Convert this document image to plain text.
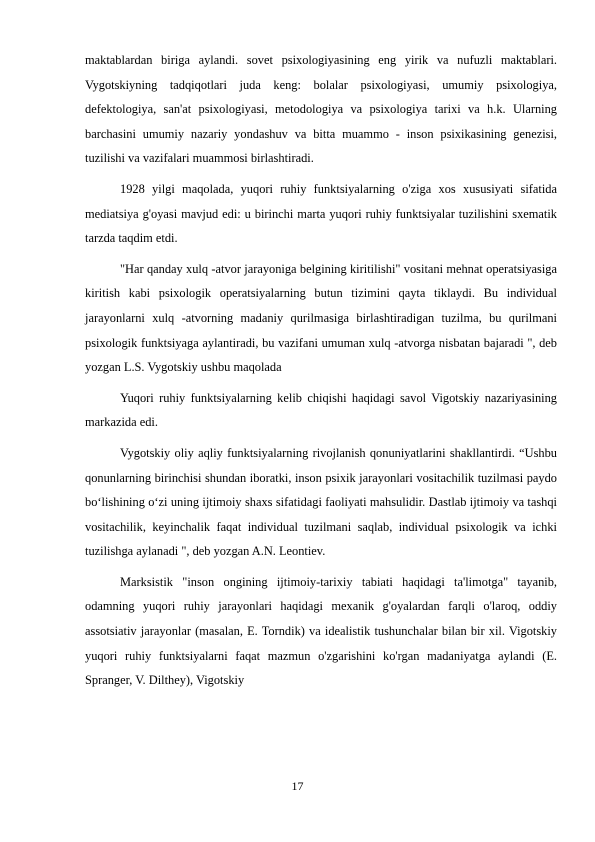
maktablardan biriga aylandi. sovet psixologiyasining eng yirik va nufuzli maktablari. Vygotskiyning tadqiqotlari juda keng: bolalar psixologiyasi, umumiy psixologiya, defektologiya, san'at psixologiyasi, metodologiya va psixologiya tarixi va h.k. Ularning barchasini umumiy nazariy yondashuv va bitta muammo - inson psixikasining genezisi, tuzilishi va vazifalari muammosi birlashtiradi.

1928 yilgi maqolada, yuqori ruhiy funktsiyalarning o'ziga xos xususiyati sifatida mediatsiya g'oyasi mavjud edi: u birinchi marta yuqori ruhiy funktsiyalar tuzilishini sxematik tarzda taqdim etdi.

"Har qanday xulq -atvor jarayoniga belgining kiritilishi" vositani mehnat operatsiyasiga kiritish kabi psixologik operatsiyalarning butun tizimini qayta tiklaydi. Bu individual jarayonlarni xulq -atvorning madaniy qurilmasiga birlashtiradigan tuzilma, bu qurilmani psixologik funktsiyaga aylantiradi, bu vazifani umuman xulq -atvorga nisbatan bajaradi ", deb yozgan L.S. Vygotskiy ushbu maqolada

Yuqori ruhiy funktsiyalarning kelib chiqishi haqidagi savol Vigotskiy nazariyasining markazida edi.

Vygotskiy oliy aqliy funktsiyalarning rivojlanish qonuniyatlarini shakllantirdi. “Ushbu qonunlarning birinchisi shundan iboratki, inson psixik jarayonlari vositachilik tuzilmasi paydo bo‘lishining o‘zi uning ijtimoiy shaxs sifatidagi faoliyati mahsulidir. Dastlab ijtimoiy va tashqi vositachilik, keyinchalik faqat individual tuzilmani saqlab, individual psixologik va ichki tuzilishga aylanadi ", deb yozgan A.N. Leontiev.

Marksistik "inson ongining ijtimoiy-tarixiy tabiati haqidagi ta'limotga" tayanib, odamning yuqori ruhiy jarayonlari haqidagi mexanik g'oyalardan farqli o'laroq, oddiy assotsiativ jarayonlar (masalan, E. Torndik) va idealistik tushunchalar bilan bir xil. Vigotskiy yuqori ruhiy funktsiyalarni faqat mazmun o'zgarishini ko'rgan madaniyatga aylandi (E. Spranger, V. Dilthey), Vigotskiy

17
